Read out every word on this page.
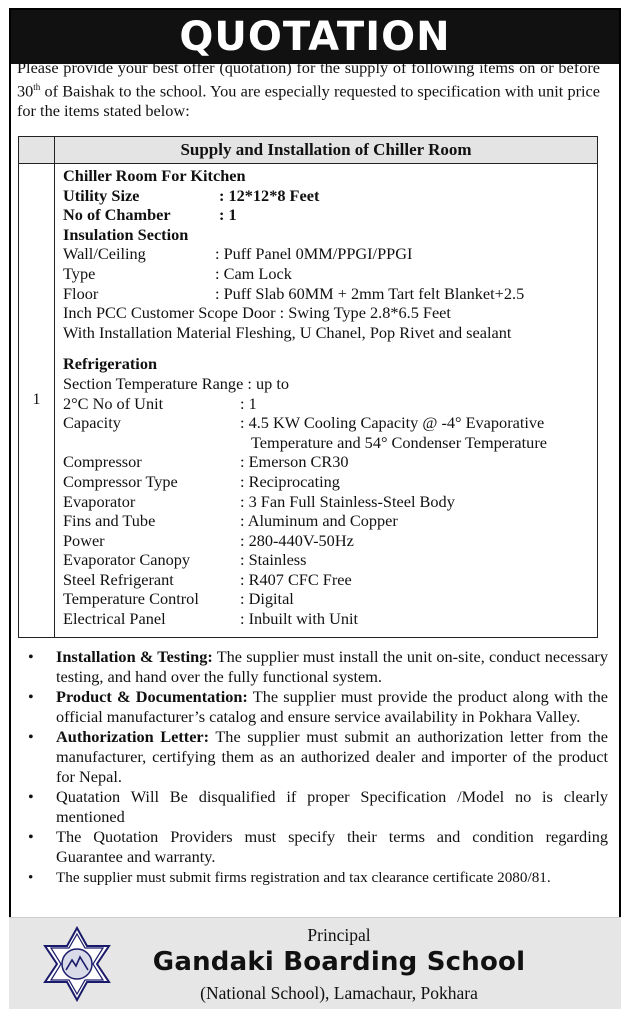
QUOTATION
Please provide your best offer (quotation) for the supply of following items on or before 30th of Baishak to the school. You are especially requested to specification with unit price for the items stated below:
Supply and Installation of Chiller Room
1
Chiller Room For Kitchen
Utility Size	: 12*12*8 Feet
No of Chamber	: 1
Insulation Section
Wall/Ceiling	: Puff Panel 0MM/PPGI/PPGI
Type	: Cam Lock
Floor	: Puff Slab 60MM + 2mm Tart felt Blanket+2.5
Inch PCC Customer Scope Door : Swing Type 2.8*6.5 Feet
With Installation Material Fleshing, U Chanel, Pop Rivet and sealant
Refrigeration
Section Temperature Range : up to
2°C No of Unit	: 1
Capacity	: 4.5 KW Cooling Capacity @ -4° Evaporative
Temperature and 54° Condenser Temperature
Compressor	: Emerson CR30
Compressor Type	: Reciprocating
Evaporator	: 3 Fan Full Stainless-Steel Body
Fins and Tube	: Aluminum and Copper
Power	: 280-440V-50Hz
Evaporator Canopy	: Stainless
Steel Refrigerant	: R407 CFC Free
Temperature Control	: Digital
Electrical Panel	: Inbuilt with Unit
• Installation & Testing: The supplier must install the unit on-site, conduct necessary testing, and hand over the fully functional system.
• Product & Documentation: The supplier must provide the product along with the official manufacturer’s catalog and ensure service availability in Pokhara Valley.
• Authorization Letter: The supplier must submit an authorization letter from the manufacturer, certifying them as an authorized dealer and importer of the product for Nepal.
• Quatation Will Be disqualified if proper Specification /Model no is clearly mentioned
• The Quotation Providers must specify their terms and condition regarding Guarantee and warranty.
• The supplier must submit firms registration and tax clearance certificate 2080/81.
Principal
Gandaki Boarding School
(National School), Lamachaur, Pokhara
